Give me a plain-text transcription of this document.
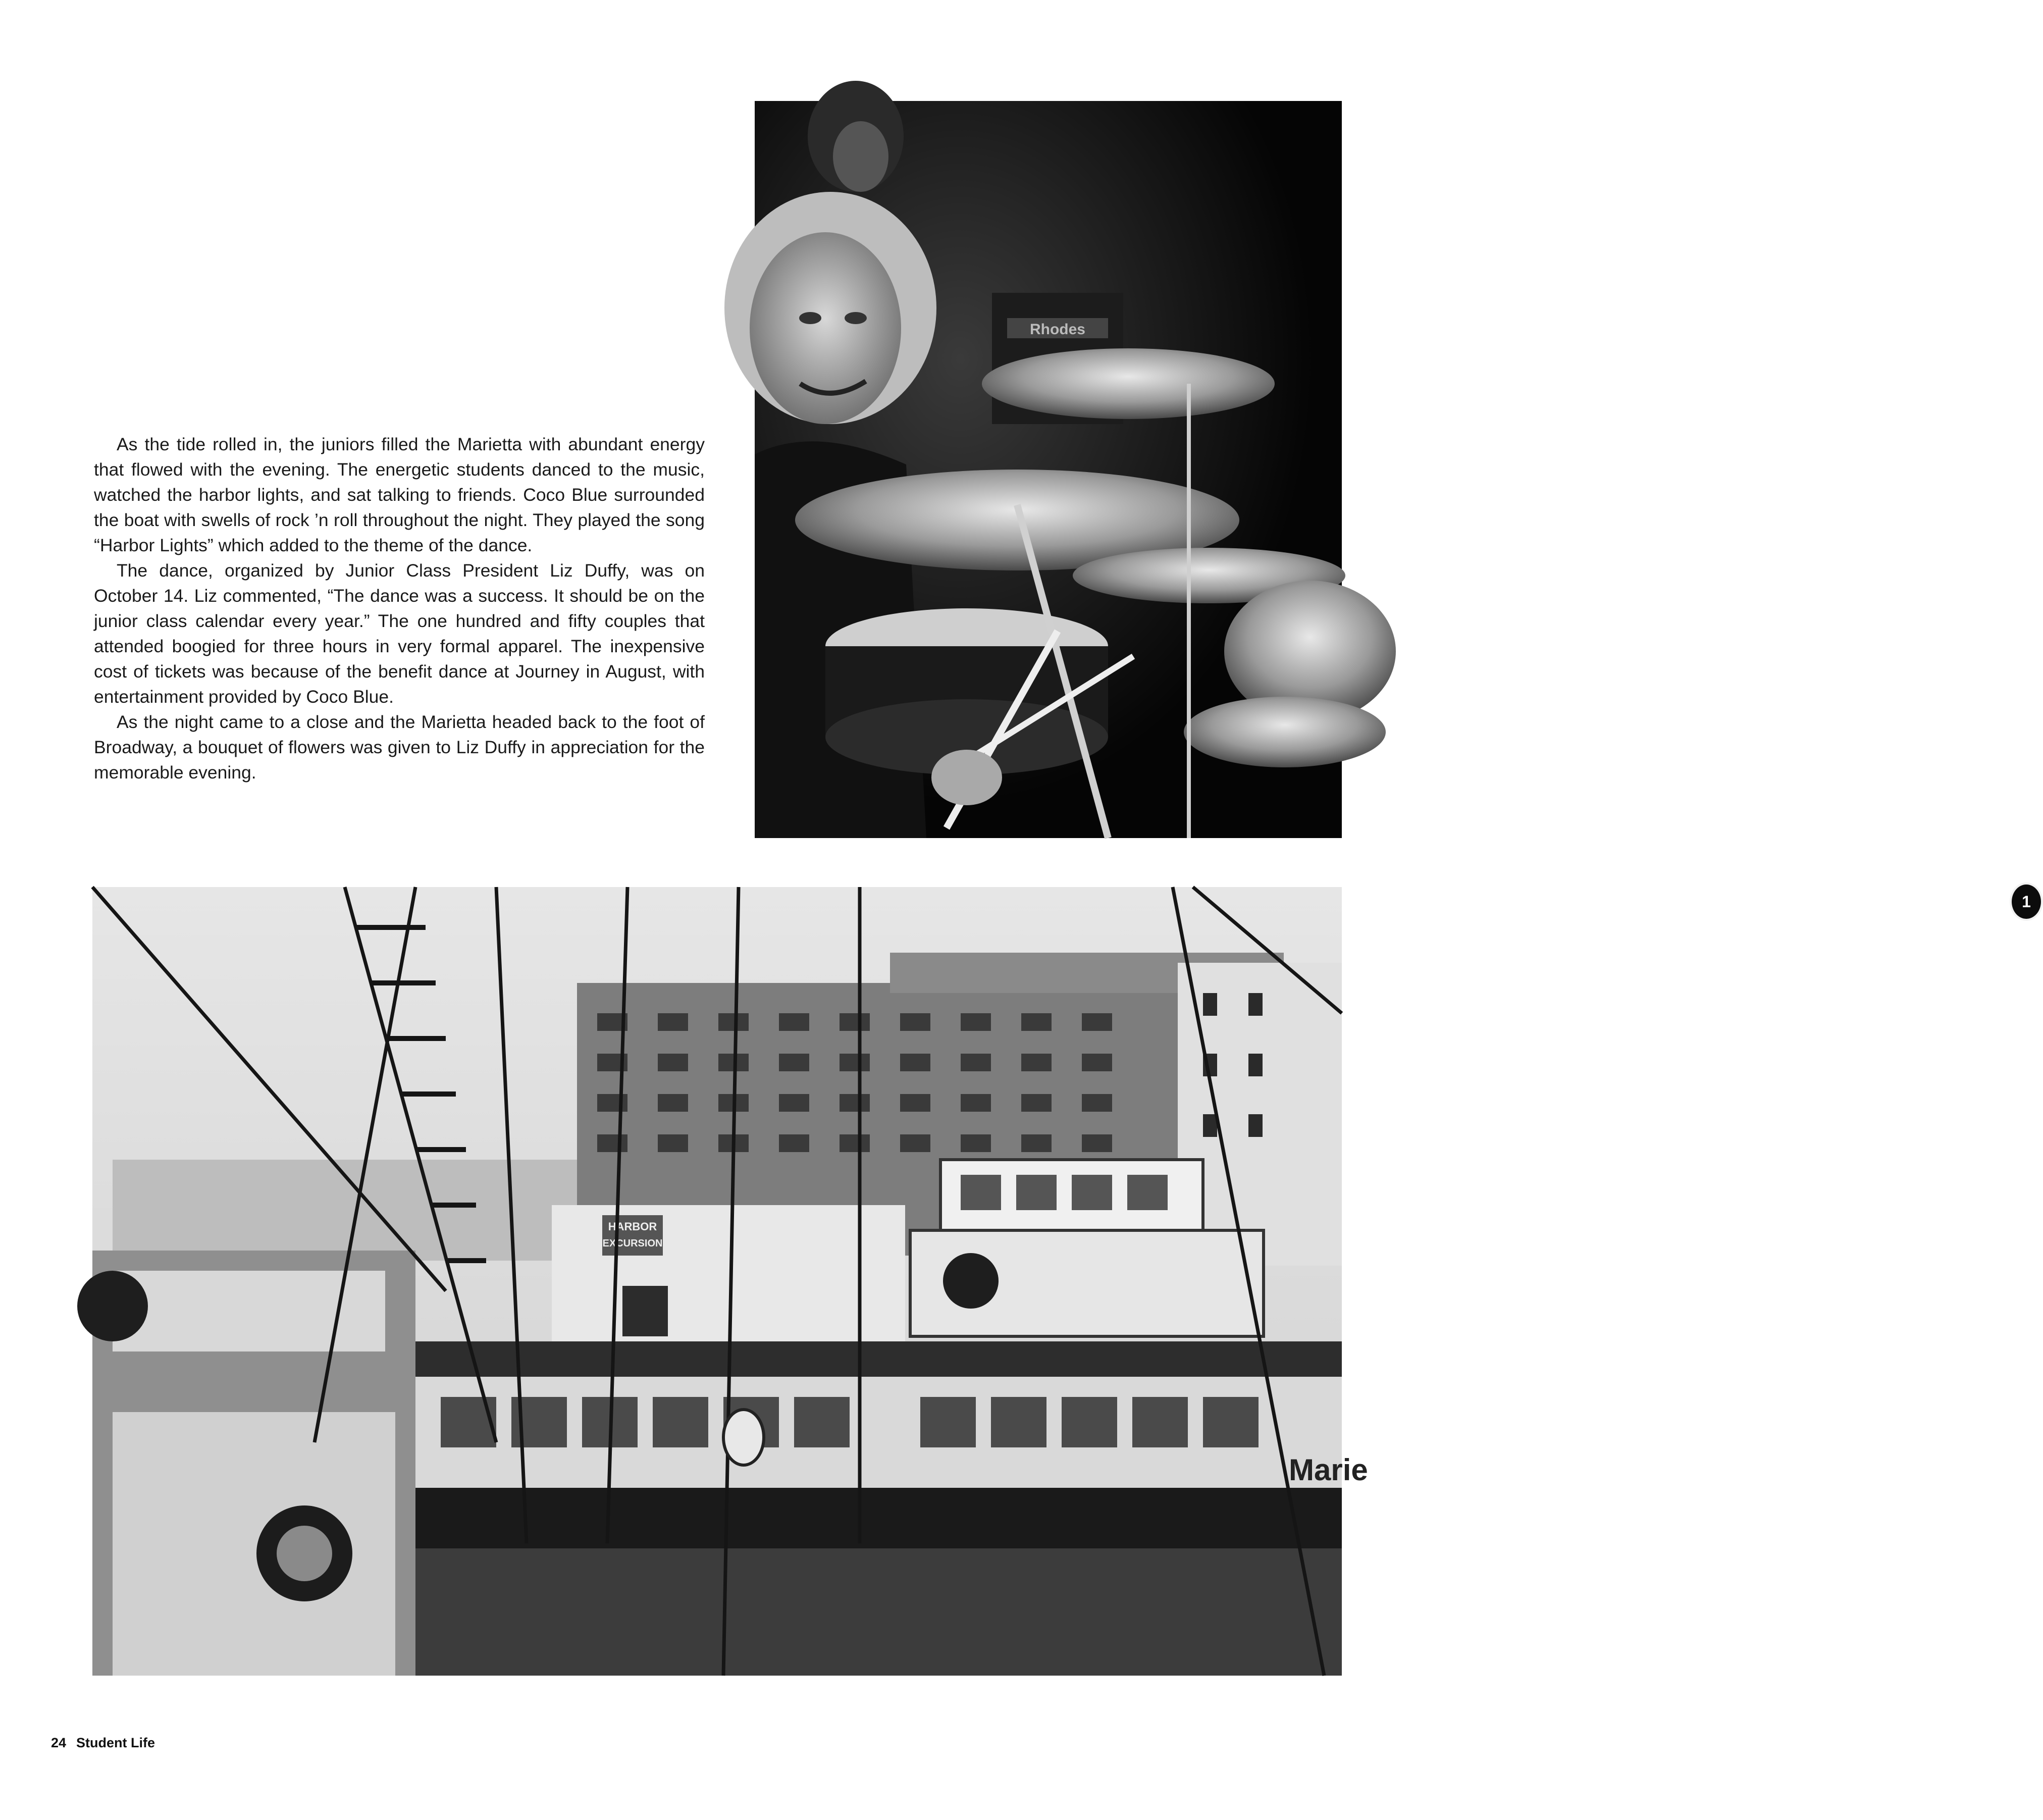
As the tide rolled in, the juniors filled the Marietta with abundant energy that flowed with the evening. The energetic students danced to the music, watched the harbor lights, and sat talking to friends. Coco Blue surrounded the boat with swells of rock ’n roll throughout the night. They played the song “Harbor Lights” which added to the theme of the dance.

The dance, organized by Junior Class President Liz Duffy, was on October 14. Liz commented, “The dance was a success. It should be on the junior class calendar every year.” The one hundred and fifty couples that attended boogied for three hours in very formal apparel. The inexpensive cost of tickets was because of the benefit dance at Journey in August, with entertainment provided by Coco Blue.

As the night came to a close and the Marietta headed back to the foot of Broadway, a bouquet of flowers was given to Liz Duffy in appreciation for the memorable evening.

Rhodes
1
HARBOR
EXCURSION
Marie
24 Student Life
